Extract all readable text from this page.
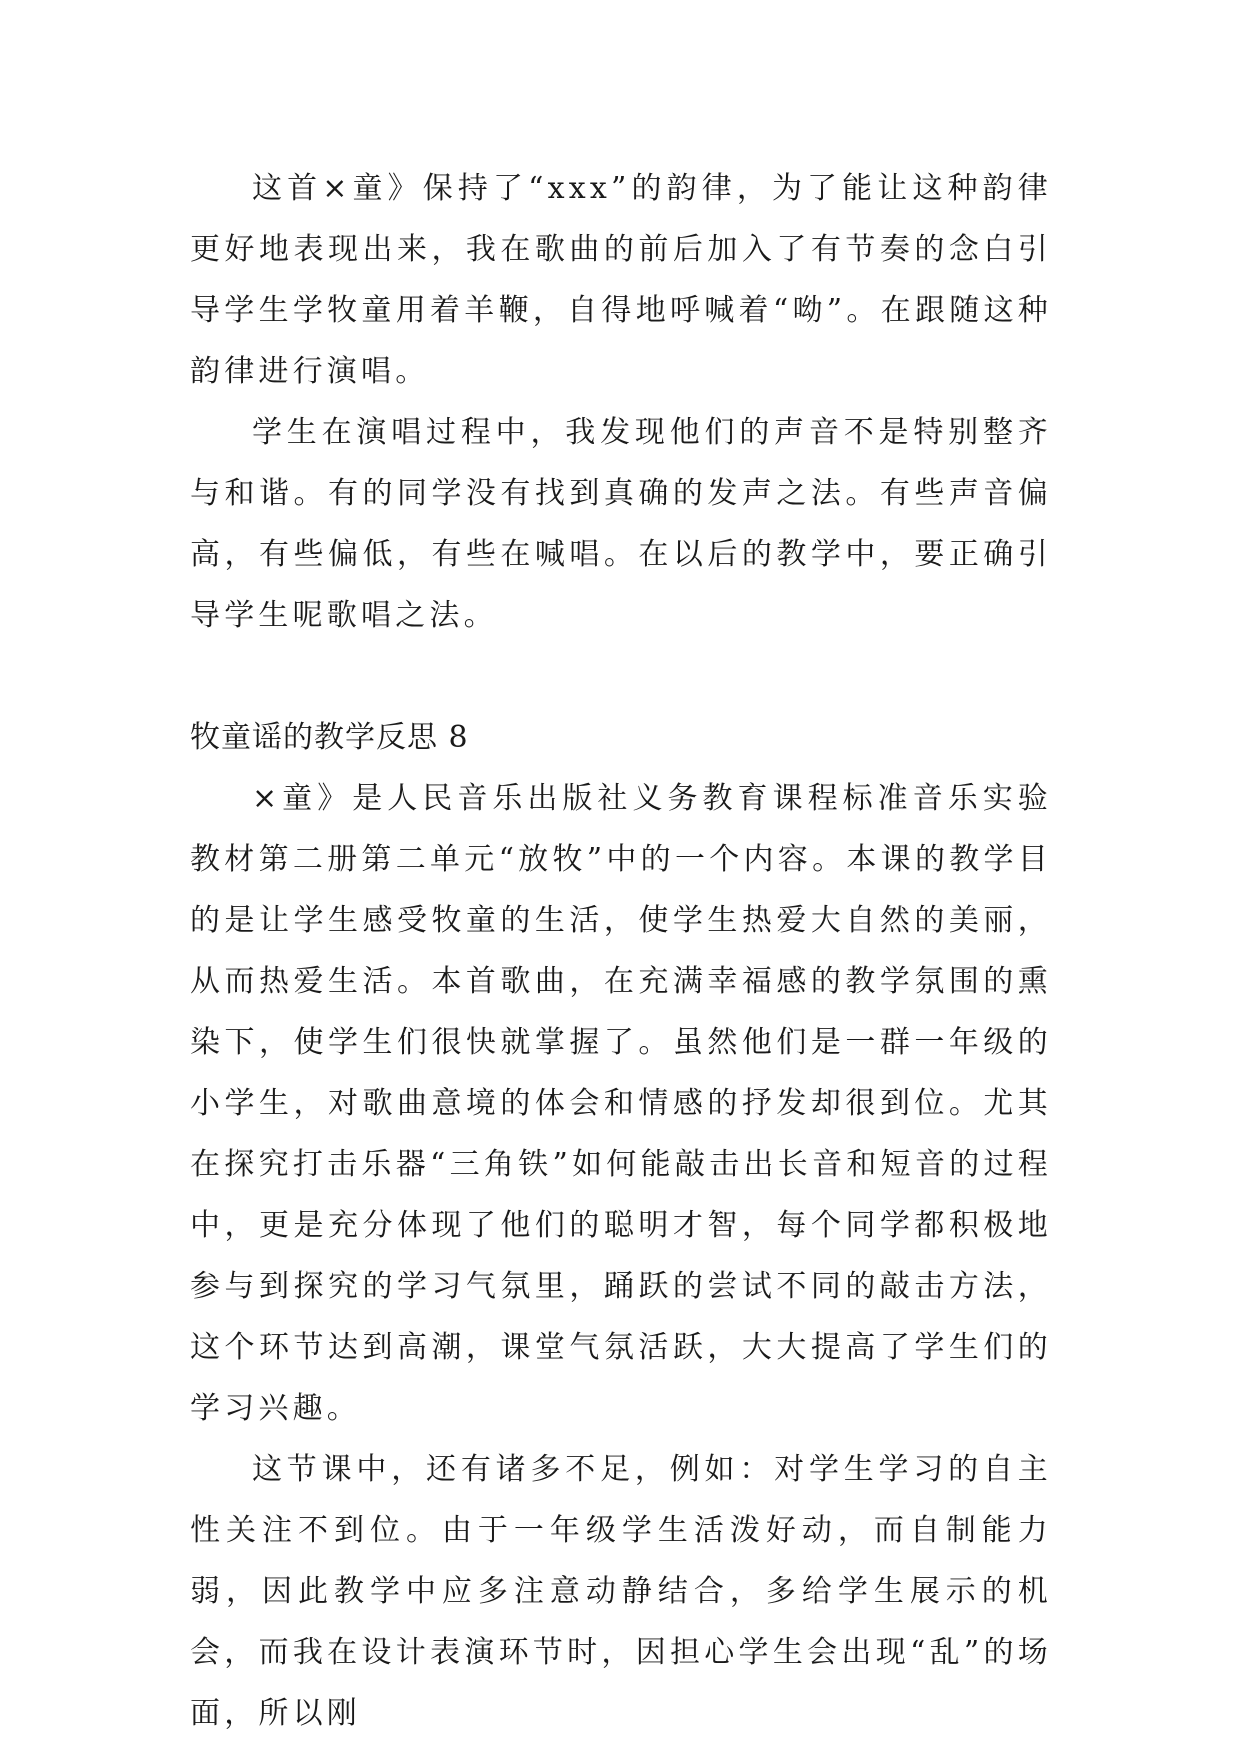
这首×童》保持了“xxx”的韵律，为了能让这种韵律更好地表现出来，我在歌曲的前后加入了有节奏的念白引导学生学牧童用着羊鞭，自得地呼喊着“呦”。在跟随这种韵律进行演唱。

学生在演唱过程中，我发现他们的声音不是特别整齐与和谐。有的同学没有找到真确的发声之法。有些声音偏高，有些偏低，有些在喊唱。在以后的教学中，要正确引导学生呢歌唱之法。

牧童谣的教学反思 8

×童》是人民音乐出版社义务教育课程标准音乐实验教材第二册第二单元“放牧”中的一个内容。本课的教学目的是让学生感受牧童的生活，使学生热爱大自然的美丽，从而热爱生活。本首歌曲，在充满幸福感的教学氛围的熏染下，使学生们很快就掌握了。虽然他们是一群一年级的小学生，对歌曲意境的体会和情感的抒发却很到位。尤其在探究打击乐器“三角铁”如何能敲击出长音和短音的过程中，更是充分体现了他们的聪明才智，每个同学都积极地参与到探究的学习气氛里，踊跃的尝试不同的敲击方法，这个环节达到高潮，课堂气氛活跃，大大提高了学生们的学习兴趣。

这节课中，还有诸多不足，例如：对学生学习的自主性关注不到位。由于一年级学生活泼好动，而自制能力弱，因此教学中应多注意动静结合，多给学生展示的机会，而我在设计表演环节时，因担心学生会出现“乱”的场面，所以刚
